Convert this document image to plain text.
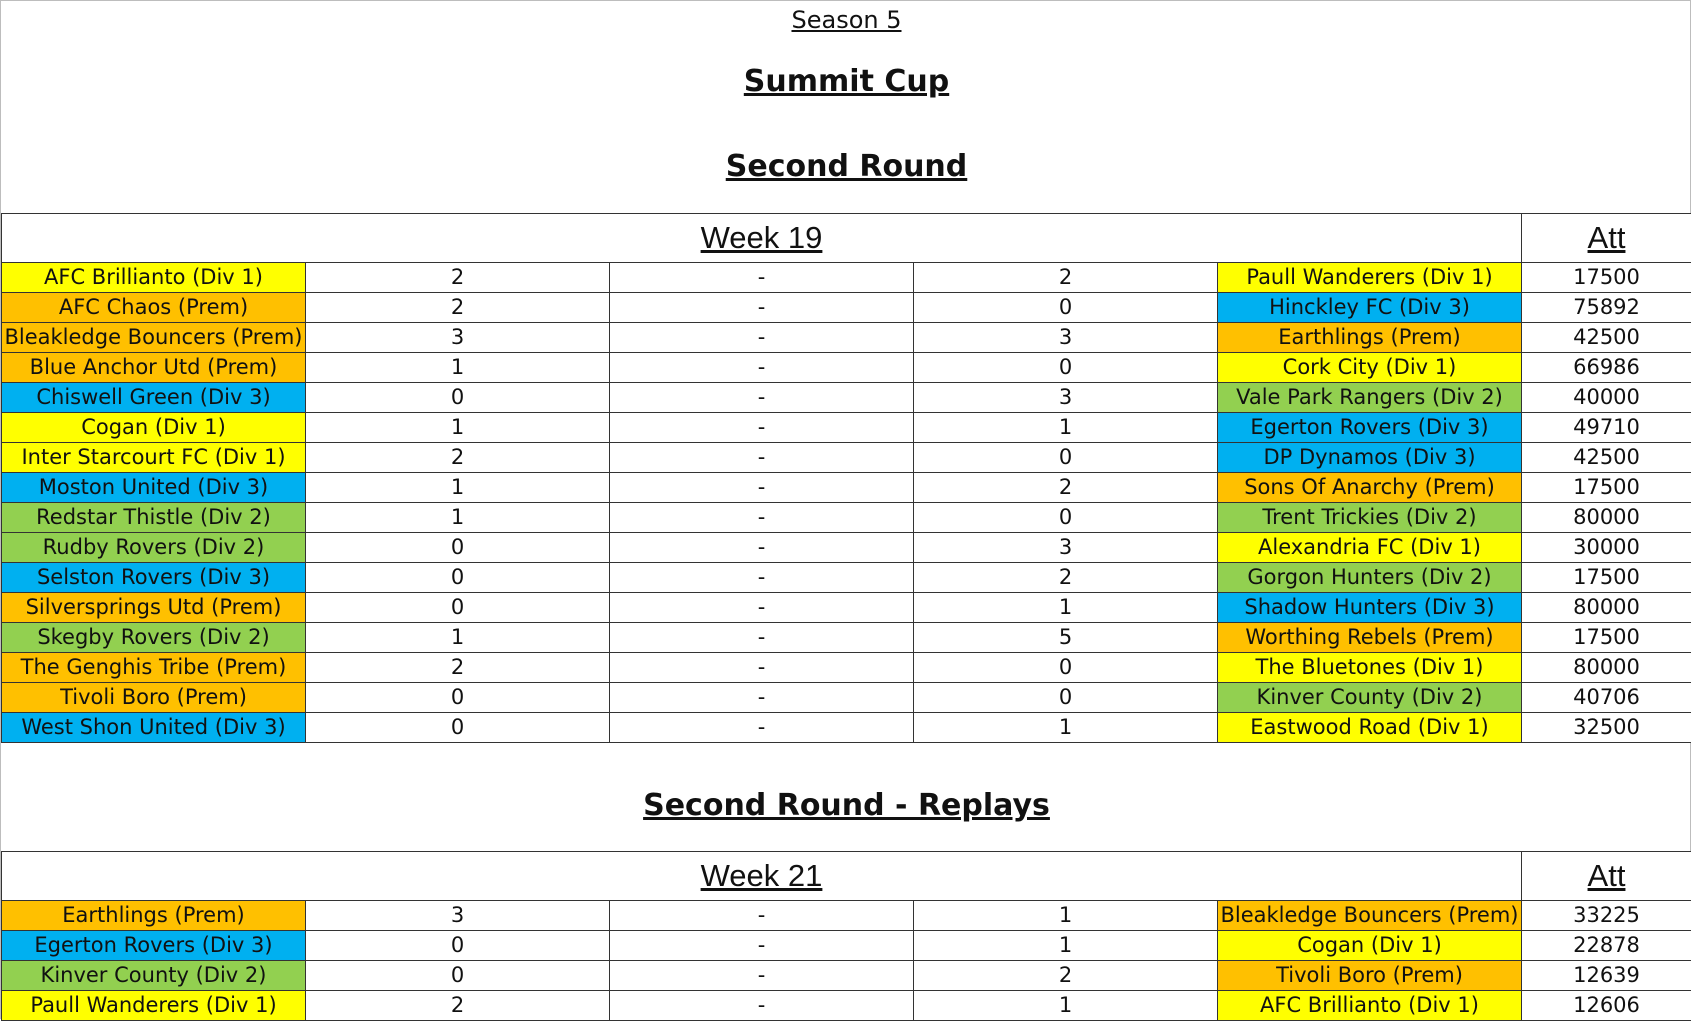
Season 5
Summit Cup
Second Round
Week 19					Att
AFC Brillianto (Div 1)	2	-	2	Paull Wanderers (Div 1)	17500
AFC Chaos (Prem)	2	-	0	Hinckley FC (Div 3)	75892
Bleakledge Bouncers (Prem)	3	-	3	Earthlings (Prem)	42500
Blue Anchor Utd (Prem)	1	-	0	Cork City (Div 1)	66986
Chiswell Green (Div 3)	0	-	3	Vale Park Rangers (Div 2)	40000
Cogan (Div 1)	1	-	1	Egerton Rovers (Div 3)	49710
Inter Starcourt FC (Div 1)	2	-	0	DP Dynamos (Div 3)	42500
Moston United (Div 3)	1	-	2	Sons Of Anarchy (Prem)	17500
Redstar Thistle (Div 2)	1	-	0	Trent Trickies (Div 2)	80000
Rudby Rovers (Div 2)	0	-	3	Alexandria FC (Div 1)	30000
Selston Rovers (Div 3)	0	-	2	Gorgon Hunters (Div 2)	17500
Silversprings Utd (Prem)	0	-	1	Shadow Hunters (Div 3)	80000
Skegby Rovers (Div 2)	1	-	5	Worthing Rebels (Prem)	17500
The Genghis Tribe (Prem)	2	-	0	The Bluetones (Div 1)	80000
Tivoli Boro (Prem)	0	-	0	Kinver County (Div 2)	40706
West Shon United (Div 3)	0	-	1	Eastwood Road (Div 1)	32500
Second Round - Replays
Week 21					Att
Earthlings (Prem)	3	-	1	Bleakledge Bouncers (Prem)	33225
Egerton Rovers (Div 3)	0	-	1	Cogan (Div 1)	22878
Kinver County (Div 2)	0	-	2	Tivoli Boro (Prem)	12639
Paull Wanderers (Div 1)	2	-	1	AFC Brillianto (Div 1)	12606
